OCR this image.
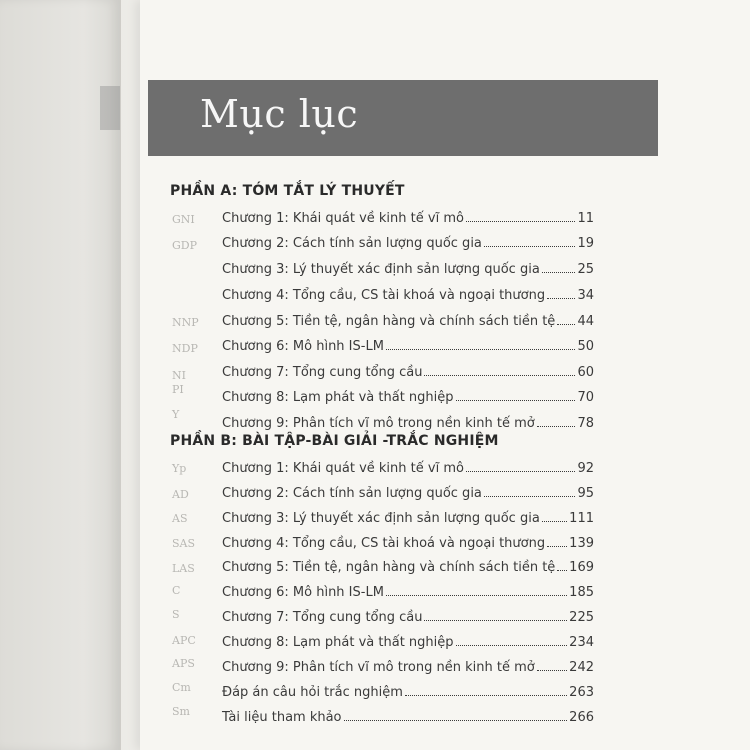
GNI
GDP
NNP
NDP
NI
PI
Y
Yp
AD
AS
SAS
LAS
C
S
APC
APS
Cm
Sm
Mục lục
PHẦN A: TÓM TẮT LÝ THUYẾT
Chương 1: Khái quát về kinh tế vĩ mô	11
Chương 2: Cách tính sản lượng quốc gia	19
Chương 3: Lý thuyết xác định sản lượng quốc gia	25
Chương 4: Tổng cầu, CS tài khoá và ngoại thương 34
Chương 5: Tiền tệ, ngân hàng và chính sách tiền tệ 44
Chương 6: Mô hình IS-LM	50
Chương 7: Tổng cung tổng cầu	60
Chương 8: Lạm phát và thất nghiệp	70
Chương 9: Phân tích vĩ mô trong nền kinh tế mở	78
PHẦN B: BÀI TẬP-BÀI GIẢI -TRẮC NGHIỆM
Chương 1: Khái quát về kinh tế vĩ mô	92
Chương 2: Cách tính sản lượng quốc gia	95
Chương 3: Lý thuyết xác định sản lượng quốc gia 111
Chương 4: Tổng cầu, CS tài khoá và ngoại thương 139
Chương 5: Tiền tệ, ngân hàng và chính sách tiền tệ 169
Chương 6: Mô hình IS-LM	185
Chương 7: Tổng cung tổng cầu	225
Chương 8: Lạm phát và thất nghiệp	234
Chương 9: Phân tích vĩ mô trong nền kinh tế mở	242
Đáp án câu hỏi trắc nghiệm	263
Tài liệu tham khảo	266
